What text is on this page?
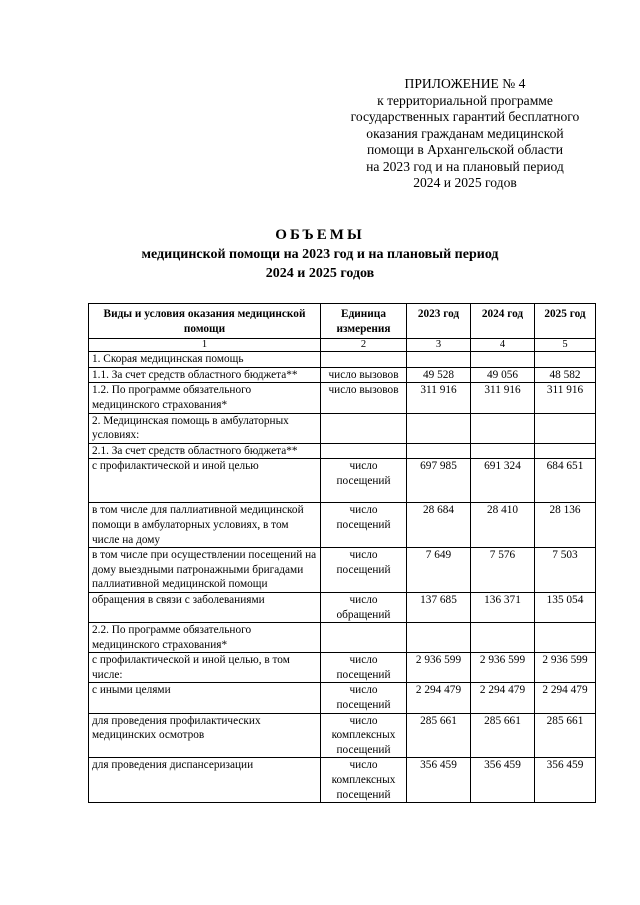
ПРИЛОЖЕНИЕ № 4
к территориальной программе
государственных гарантий бесплатного
оказания гражданам медицинской
помощи в Архангельской области
на 2023 год и на плановый период
2024 и 2025 годов
ОБЪЕМЫ
медицинской помощи на 2023 год и на плановый период
2024 и 2025 годов
Виды и условия оказания медицинской помощи	Единица измерения	2023 год	2024 год	2025 год
1	2	3	4	5
1. Скорая медицинская помощь				
1.1. За счет средств областного бюджета**	число вызовов	49 528	49 056	48 582
1.2. По программе обязательного медицинского страхования*	число вызовов	311 916	311 916	311 916
2. Медицинская помощь в амбулаторных условиях:				
2.1. За счет средств областного бюджета**				
с профилактической и иной целью	число посещений	697 985	691 324	684 651
в том числе для паллиативной медицинской помощи в амбулаторных условиях, в том числе на дому	число посещений	28 684	28 410	28 136
в том числе при осуществлении посещений на дому выездными патронажными бригадами паллиативной медицинской помощи	число посещений	7 649	7 576	7 503
обращения в связи с заболеваниями	число обращений	137 685	136 371	135 054
2.2. По программе обязательного медицинского страхования*				
с профилактической и иной целью, в том числе:	число посещений	2 936 599	2 936 599	2 936 599
с иными целями	число посещений	2 294 479	2 294 479	2 294 479
для проведения профилактических медицинских осмотров	число комплексных посещений	285 661	285 661	285 661
для проведения диспансеризации	число комплексных посещений	356 459	356 459	356 459
